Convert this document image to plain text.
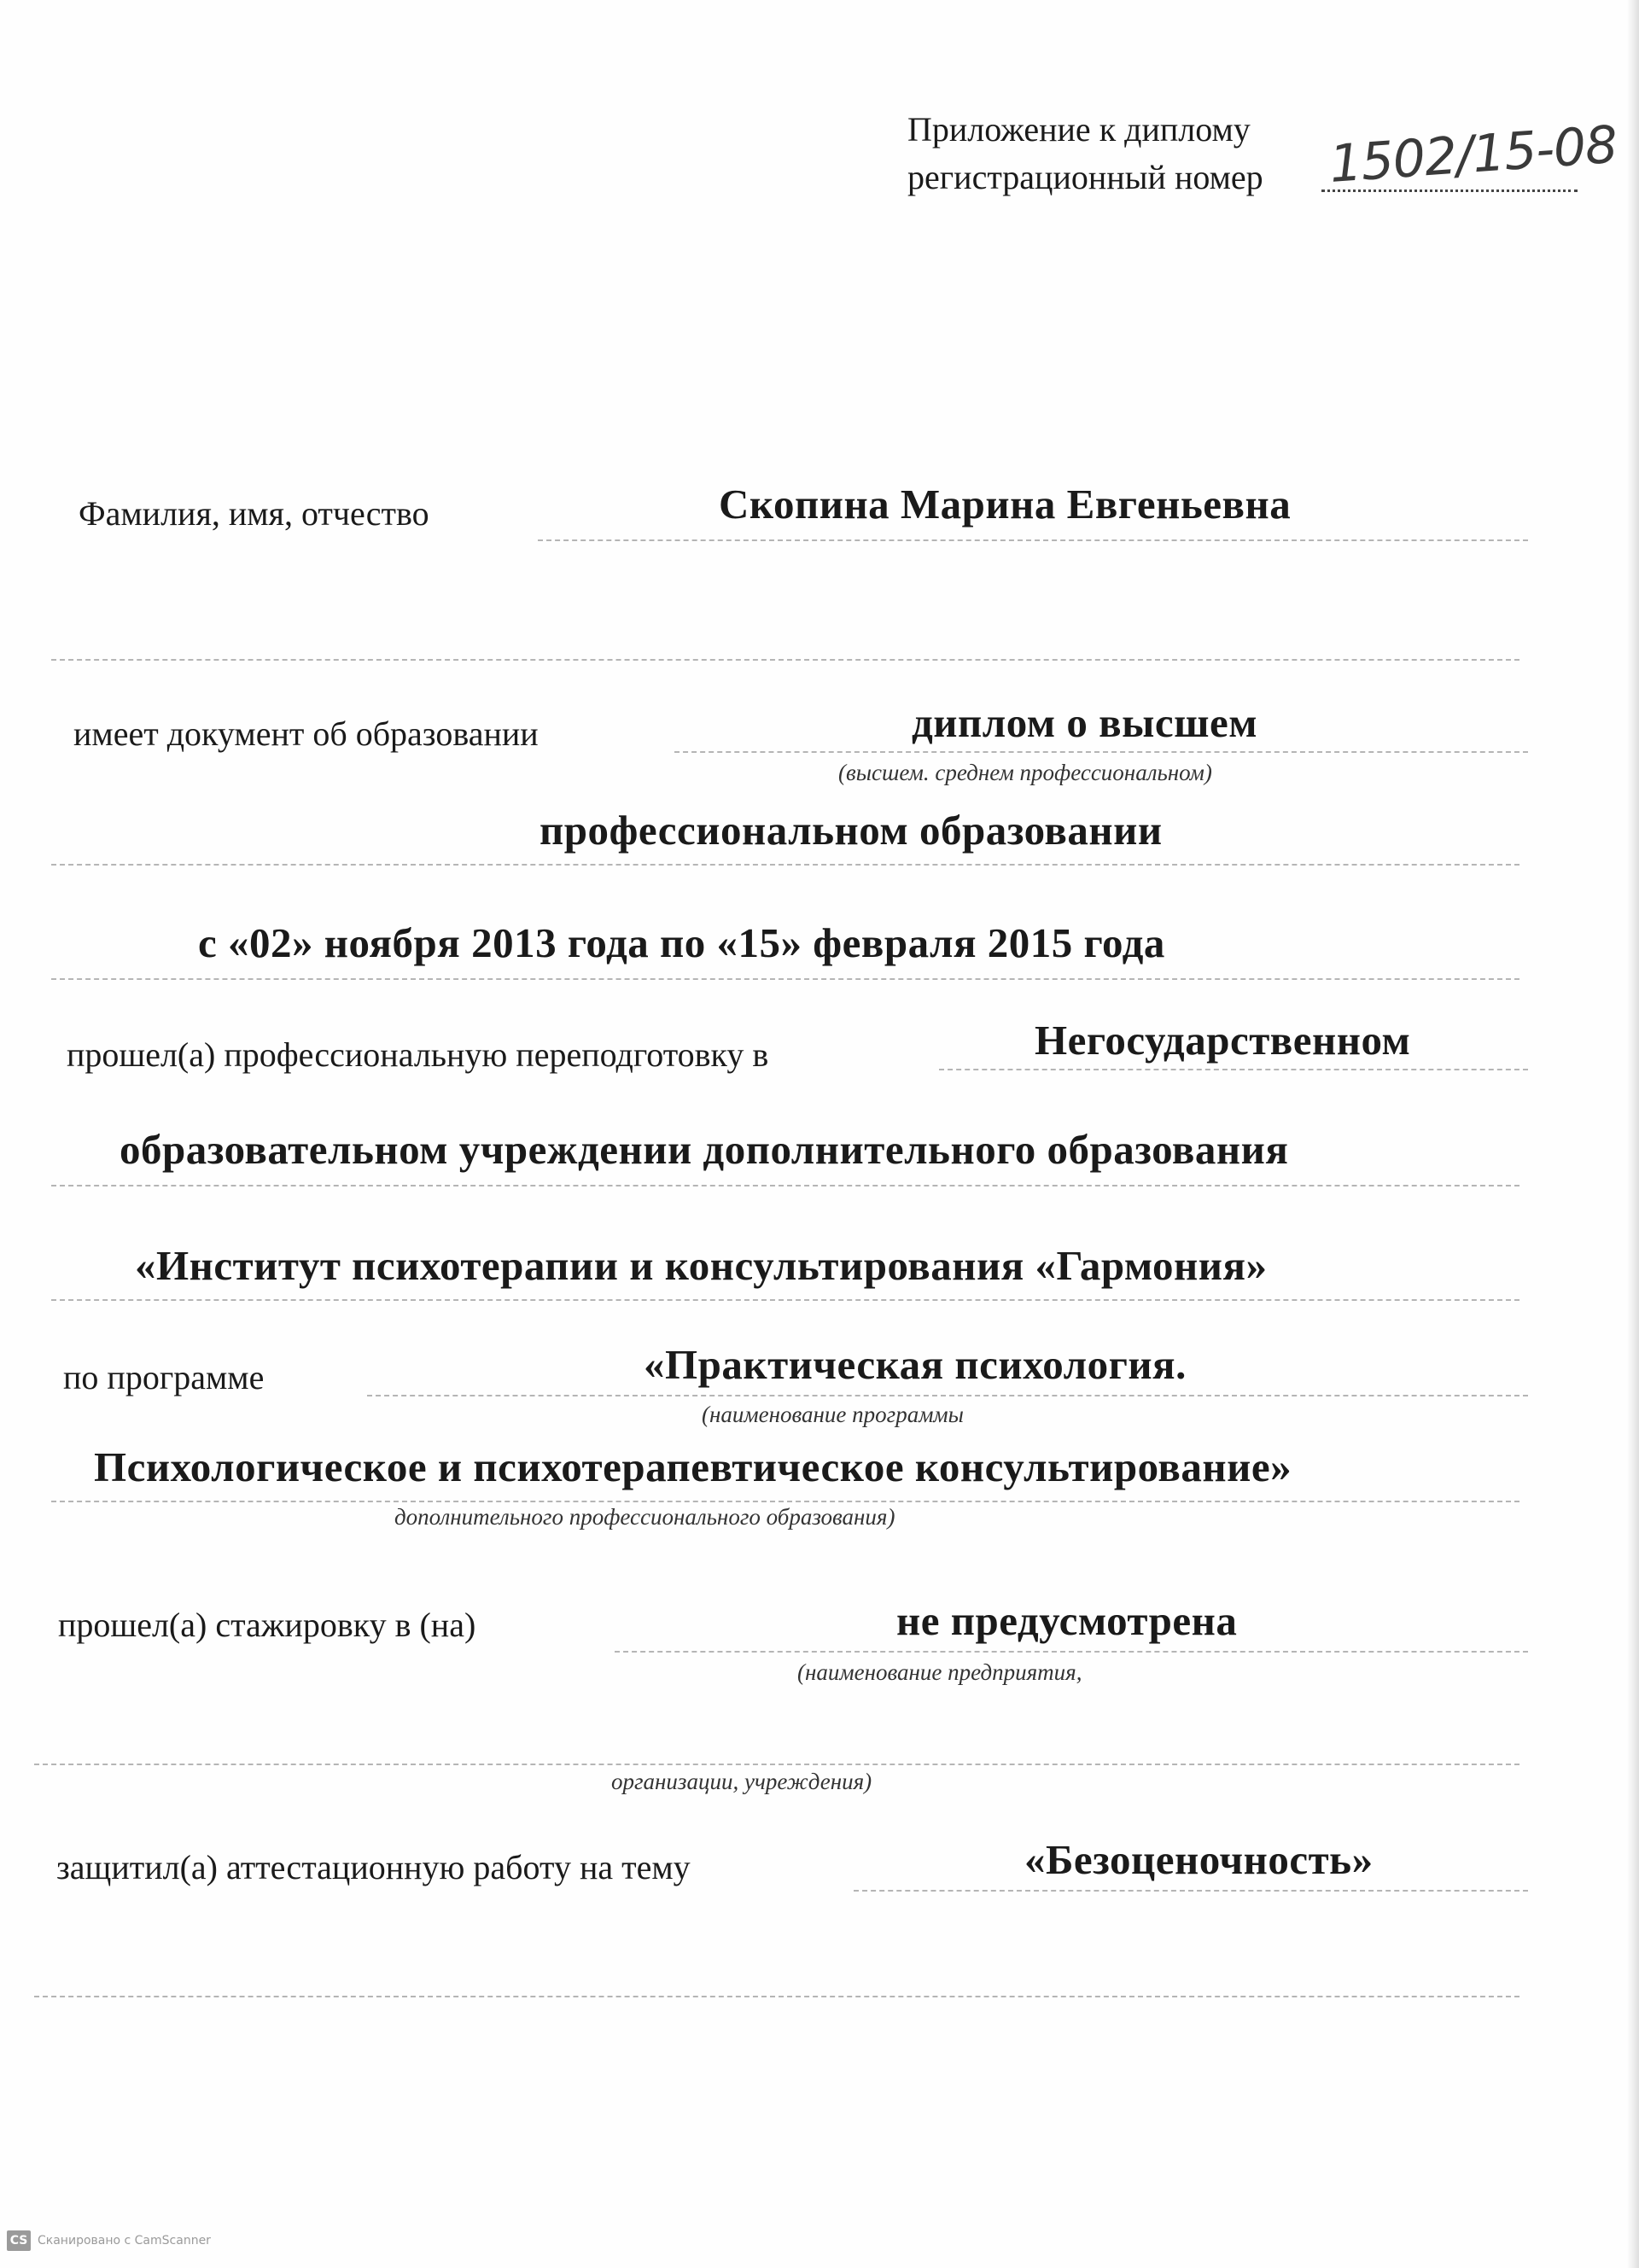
Приложение к диплому
регистрационный номер 1502/15-08
Фамилия, имя, отчество	Скопина Марина Евгеньевна
имеет документ об образовании	диплом о высшем
(высшем. среднем профессиональном)
профессиональном образовании
с «02» ноября 2013 года по «15» февраля 2015 года
прошел(а) профессиональную переподготовку в	Негосударственном
образовательном учреждении дополнительного образования
«Институт психотерапии и консультирования «Гармония»
по программе	«Практическая психология.
(наименование программы
Психологическое и психотерапевтическое консультирование»
дополнительного профессионального образования)
прошел(а) стажировку в (на)	не предусмотрена
(наименование предприятия,
организации, учреждения)
защитил(а) аттестационную работу на тему	«Безоценочность»
CS Сканировано с CamScanner
